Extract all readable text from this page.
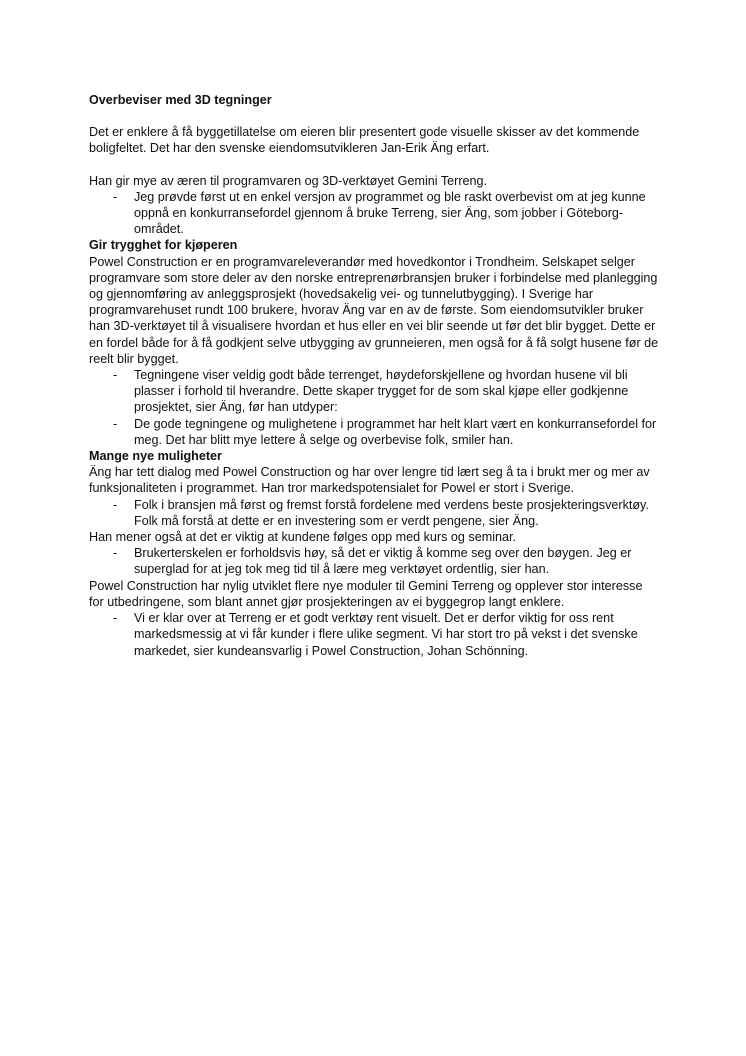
Overbeviser med 3D tegninger

Det er enklere å få byggetillatelse om eieren blir presentert gode visuelle skisser av det kommende boligfeltet. Det har den svenske eiendomsutvikleren Jan-Erik Äng erfart.

Han gir mye av æren til programvaren og 3D-verktøyet Gemini Terreng.

- Jeg prøvde først ut en enkel versjon av programmet og ble raskt overbevist om at jeg kunne oppnå en konkurransefordel gjennom å bruke Terreng, sier Äng, som jobber i Göteborg-området.

Gir trygghet for kjøperen

Powel Construction er en programvareleverandør med hovedkontor i Trondheim. Selskapet selger programvare som store deler av den norske entreprenørbransjen bruker i forbindelse med planlegging og gjennomføring av anleggsprosjekt (hovedsakelig vei- og tunnelutbygging). I Sverige har programvarehuset rundt 100 brukere, hvorav Äng var en av de første. Som eiendomsutvikler bruker han 3D-verktøyet til å visualisere hvordan et hus eller en vei blir seende ut før det blir bygget. Dette er en fordel både for å få godkjent selve utbygging av grunneieren, men også for å få solgt husene før de reelt blir bygget.

- Tegningene viser veldig godt både terrenget, høydeforskjellene og hvordan husene vil bli plasser i forhold til hverandre. Dette skaper trygget for de som skal kjøpe eller godkjenne prosjektet, sier Äng, før han utdyper:
- De gode tegningene og mulighetene i programmet har helt klart vært en konkurransefordel for meg. Det har blitt mye lettere å selge og overbevise folk, smiler han.

Mange nye muligheter

Äng har tett dialog med Powel Construction og har over lengre tid lært seg å ta i brukt mer og mer av funksjonaliteten i programmet. Han tror markedspotensialet for Powel er stort i Sverige.

- Folk i bransjen må først og fremst forstå fordelene med verdens beste prosjekteringsverktøy. Folk må forstå at dette er en investering som er verdt pengene, sier Äng.

Han mener også at det er viktig at kundene følges opp med kurs og seminar.

- Brukerterskelen er forholdsvis høy, så det er viktig å komme seg over den bøygen. Jeg er superglad for at jeg tok meg tid til å lære meg verktøyet ordentlig, sier han.

Powel Construction har nylig utviklet flere nye moduler til Gemini Terreng og opplever stor interesse for utbedringene, som blant annet gjør prosjekteringen av ei byggegrop langt enklere.

- Vi er klar over at Terreng er et godt verktøy rent visuelt. Det er derfor viktig for oss rent markedsmessig at vi får kunder i flere ulike segment. Vi har stort tro på vekst i det svenske markedet, sier kundeansvarlig i Powel Construction, Johan Schönning.
